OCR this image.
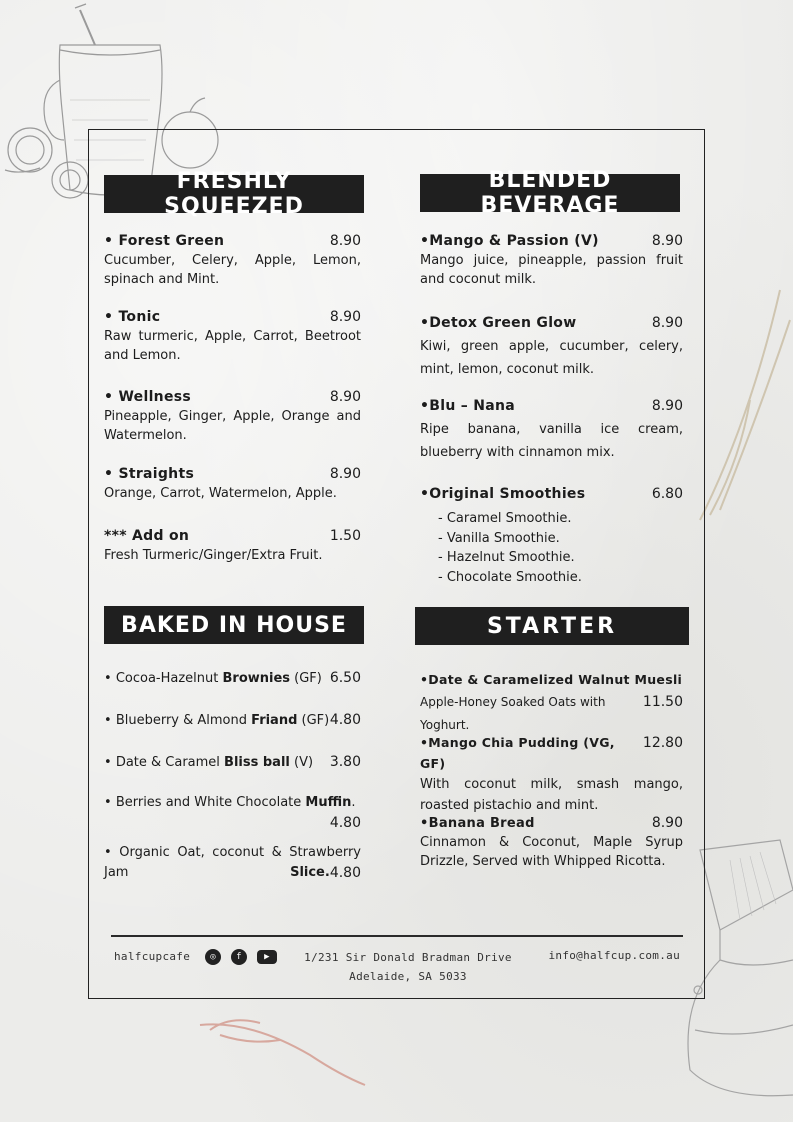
FRESHLY SQUEEZED
• Forest Green	8.90
Cucumber, Celery, Apple, Lemon, spinach and Mint.
• Tonic	8.90
Raw turmeric, Apple, Carrot, Beetroot and Lemon.
• Wellness	8.90
Pineapple, Ginger, Apple, Orange and Watermelon.
• Straights	8.90
Orange, Carrot, Watermelon, Apple.
*** Add on	1.50
Fresh Turmeric/Ginger/Extra Fruit.
BLENDED BEVERAGE
•Mango & Passion (V)	8.90
Mango juice, pineapple, passion fruit and coconut milk.
•Detox Green Glow	8.90
Kiwi, green apple, cucumber, celery, mint, lemon, coconut milk.
•Blu – Nana	8.90
Ripe banana, vanilla ice cream, blueberry with cinnamon mix.
•Original Smoothies	6.80
- Caramel Smoothie.
- Vanilla Smoothie.
- Hazelnut Smoothie.
- Chocolate Smoothie.
BAKED IN HOUSE
• Cocoa-Hazelnut Brownies (GF) 6.50
• Blueberry & Almond Friand (GF) 4.80
• Date & Caramel Bliss ball (V) 3.80
• Berries and White Chocolate Muffin.
4.80
• Organic Oat, coconut & Strawberry Jam Slice. 4.80
STARTER
•Date & Caramelized Walnut Muesli
Apple-Honey Soaked Oats with Yoghurt.
11.50
•Mango Chia Pudding (VG, GF)
12.80
With coconut milk, smash mango, roasted pistachio and mint.
•Banana Bread	8.90
Cinnamon & Coconut, Maple Syrup Drizzle, Served with Whipped Ricotta.
halfcupcafe ◎ f ▶	1/231 Sir Donald Bradman Drive
Adelaide, SA 5033
info@halfcup.com.au
